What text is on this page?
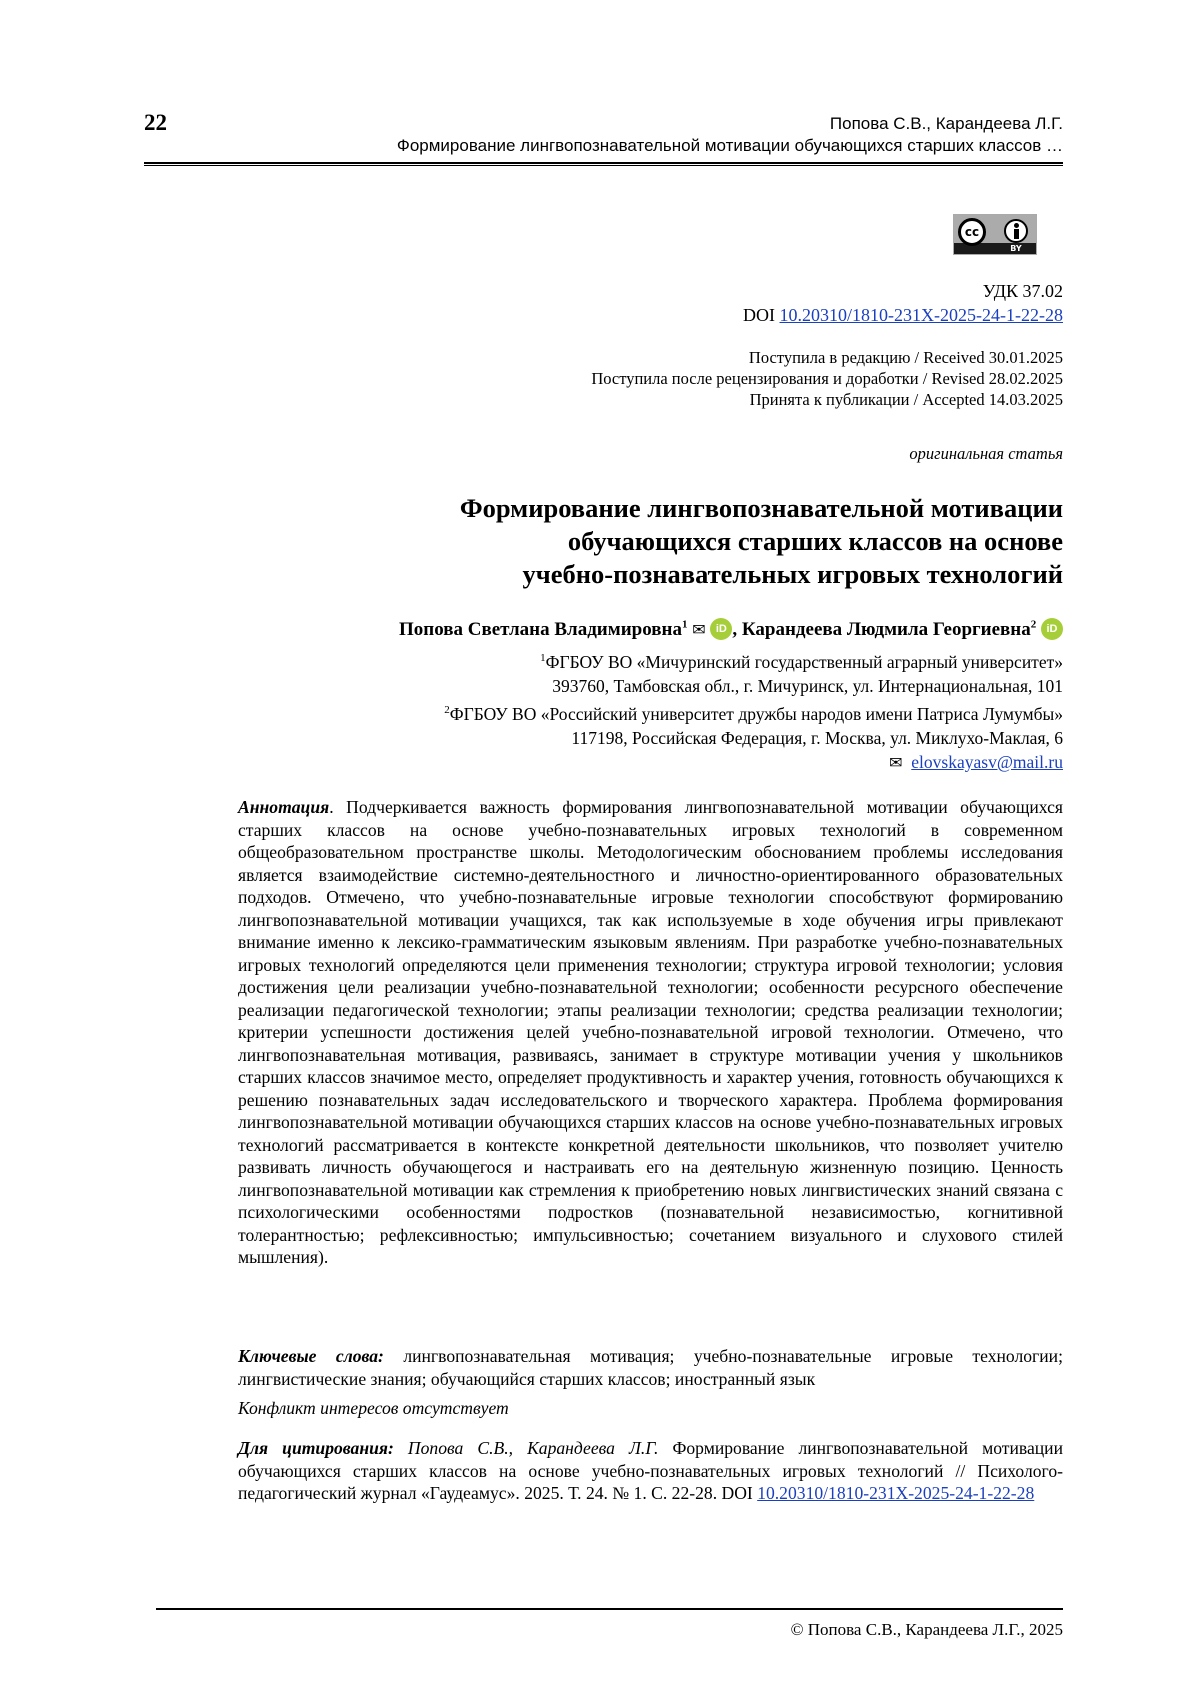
22	Попова С.В., Карандеева Л.Г.
Формирование лингвопознавательной мотивации обучающихся старших классов …
cc
BY
УДК 37.02
DOI 10.20310/1810-231X-2025-24-1-22-28
Поступила в редакцию / Received 30.01.2025
Поступила после рецензирования и доработки / Revised 28.02.2025
Принята к публикации / Accepted 14.03.2025
оригинальная статья
Формирование лингвопознавательной мотивации
обучающихся старших классов на основе
учебно-познавательных игровых технологий
Попова Светлана Владимировна$^1$ ✉ iD , Карандеева Людмила Георгиевна$^2$ iD
$^1$ФГБОУ ВО «Мичуринский государственный аграрный университет»
393760, Тамбовская обл., г. Мичуринск, ул. Интернациональная, 101
$^2$ФГБОУ ВО «Российский университет дружбы народов имени Патриса Лумумбы»
117198, Российская Федерация, г. Москва, ул. Миклухо-Маклая, 6
✉ elovskayasv@mail.ru
Аннотация. Подчеркивается важность формирования лингвопознавательной мотивации обучающихся старших классов на основе учебно-познавательных игровых технологий в современном общеобразовательном пространстве школы. Методологическим обоснованием проблемы исследования является взаимодействие системно-деятельностного и личностно-ориентированного образовательных подходов. Отмечено, что учебно-познавательные игровые технологии способствуют формированию лингвопознавательной мотивации учащихся, так как используемые в ходе обучения игры привлекают внимание именно к лексико-грамматическим языковым явлениям. При разработке учебно-познавательных игровых технологий определяются цели применения технологии; структура игровой технологии; условия достижения цели реализации учебно-познавательной технологии; особенности ресурсного обеспечение реализации педагогической технологии; этапы реализации технологии; средства реализации технологии; критерии успешности достижения целей учебно-познавательной игровой технологии. Отмечено, что лингвопознавательная мотивация, развиваясь, занимает в структуре мотивации учения у школьников старших классов значимое место, определяет продуктивность и характер учения, готовность обучающихся к решению познавательных задач исследовательского и творческого характера. Проблема формирования лингвопознавательной мотивации обучающихся старших классов на основе учебно-познавательных игровых технологий рассматривается в контексте конкретной деятельности школьников, что позволяет учителю развивать личность обучающегося и настраивать его на деятельную жизненную позицию. Ценность лингвопознавательной мотивации как стремления к приобретению новых лингвистических знаний связана с психологическими особенностями подростков (познавательной независимостью, когнитивной толерантностью; рефлексивностью; импульсивностью; сочетанием визуального и слухового стилей мышления).
Ключевые слова: лингвопознавательная мотивация; учебно-познавательные игровые технологии; лингвистические знания; обучающийся старших классов; иностранный язык
Конфликт интересов отсутствует
Для цитирования: Попова С.В., Карандеева Л.Г. Формирование лингвопознавательной мотивации обучающихся старших классов на основе учебно-познавательных игровых технологий // Психолого-педагогический журнал «Гаудеамус». 2025. Т. 24. № 1. С. 22-28. DOI 10.20310/1810-231X-2025-24-1-22-28
© Попова С.В., Карандеева Л.Г., 2025
